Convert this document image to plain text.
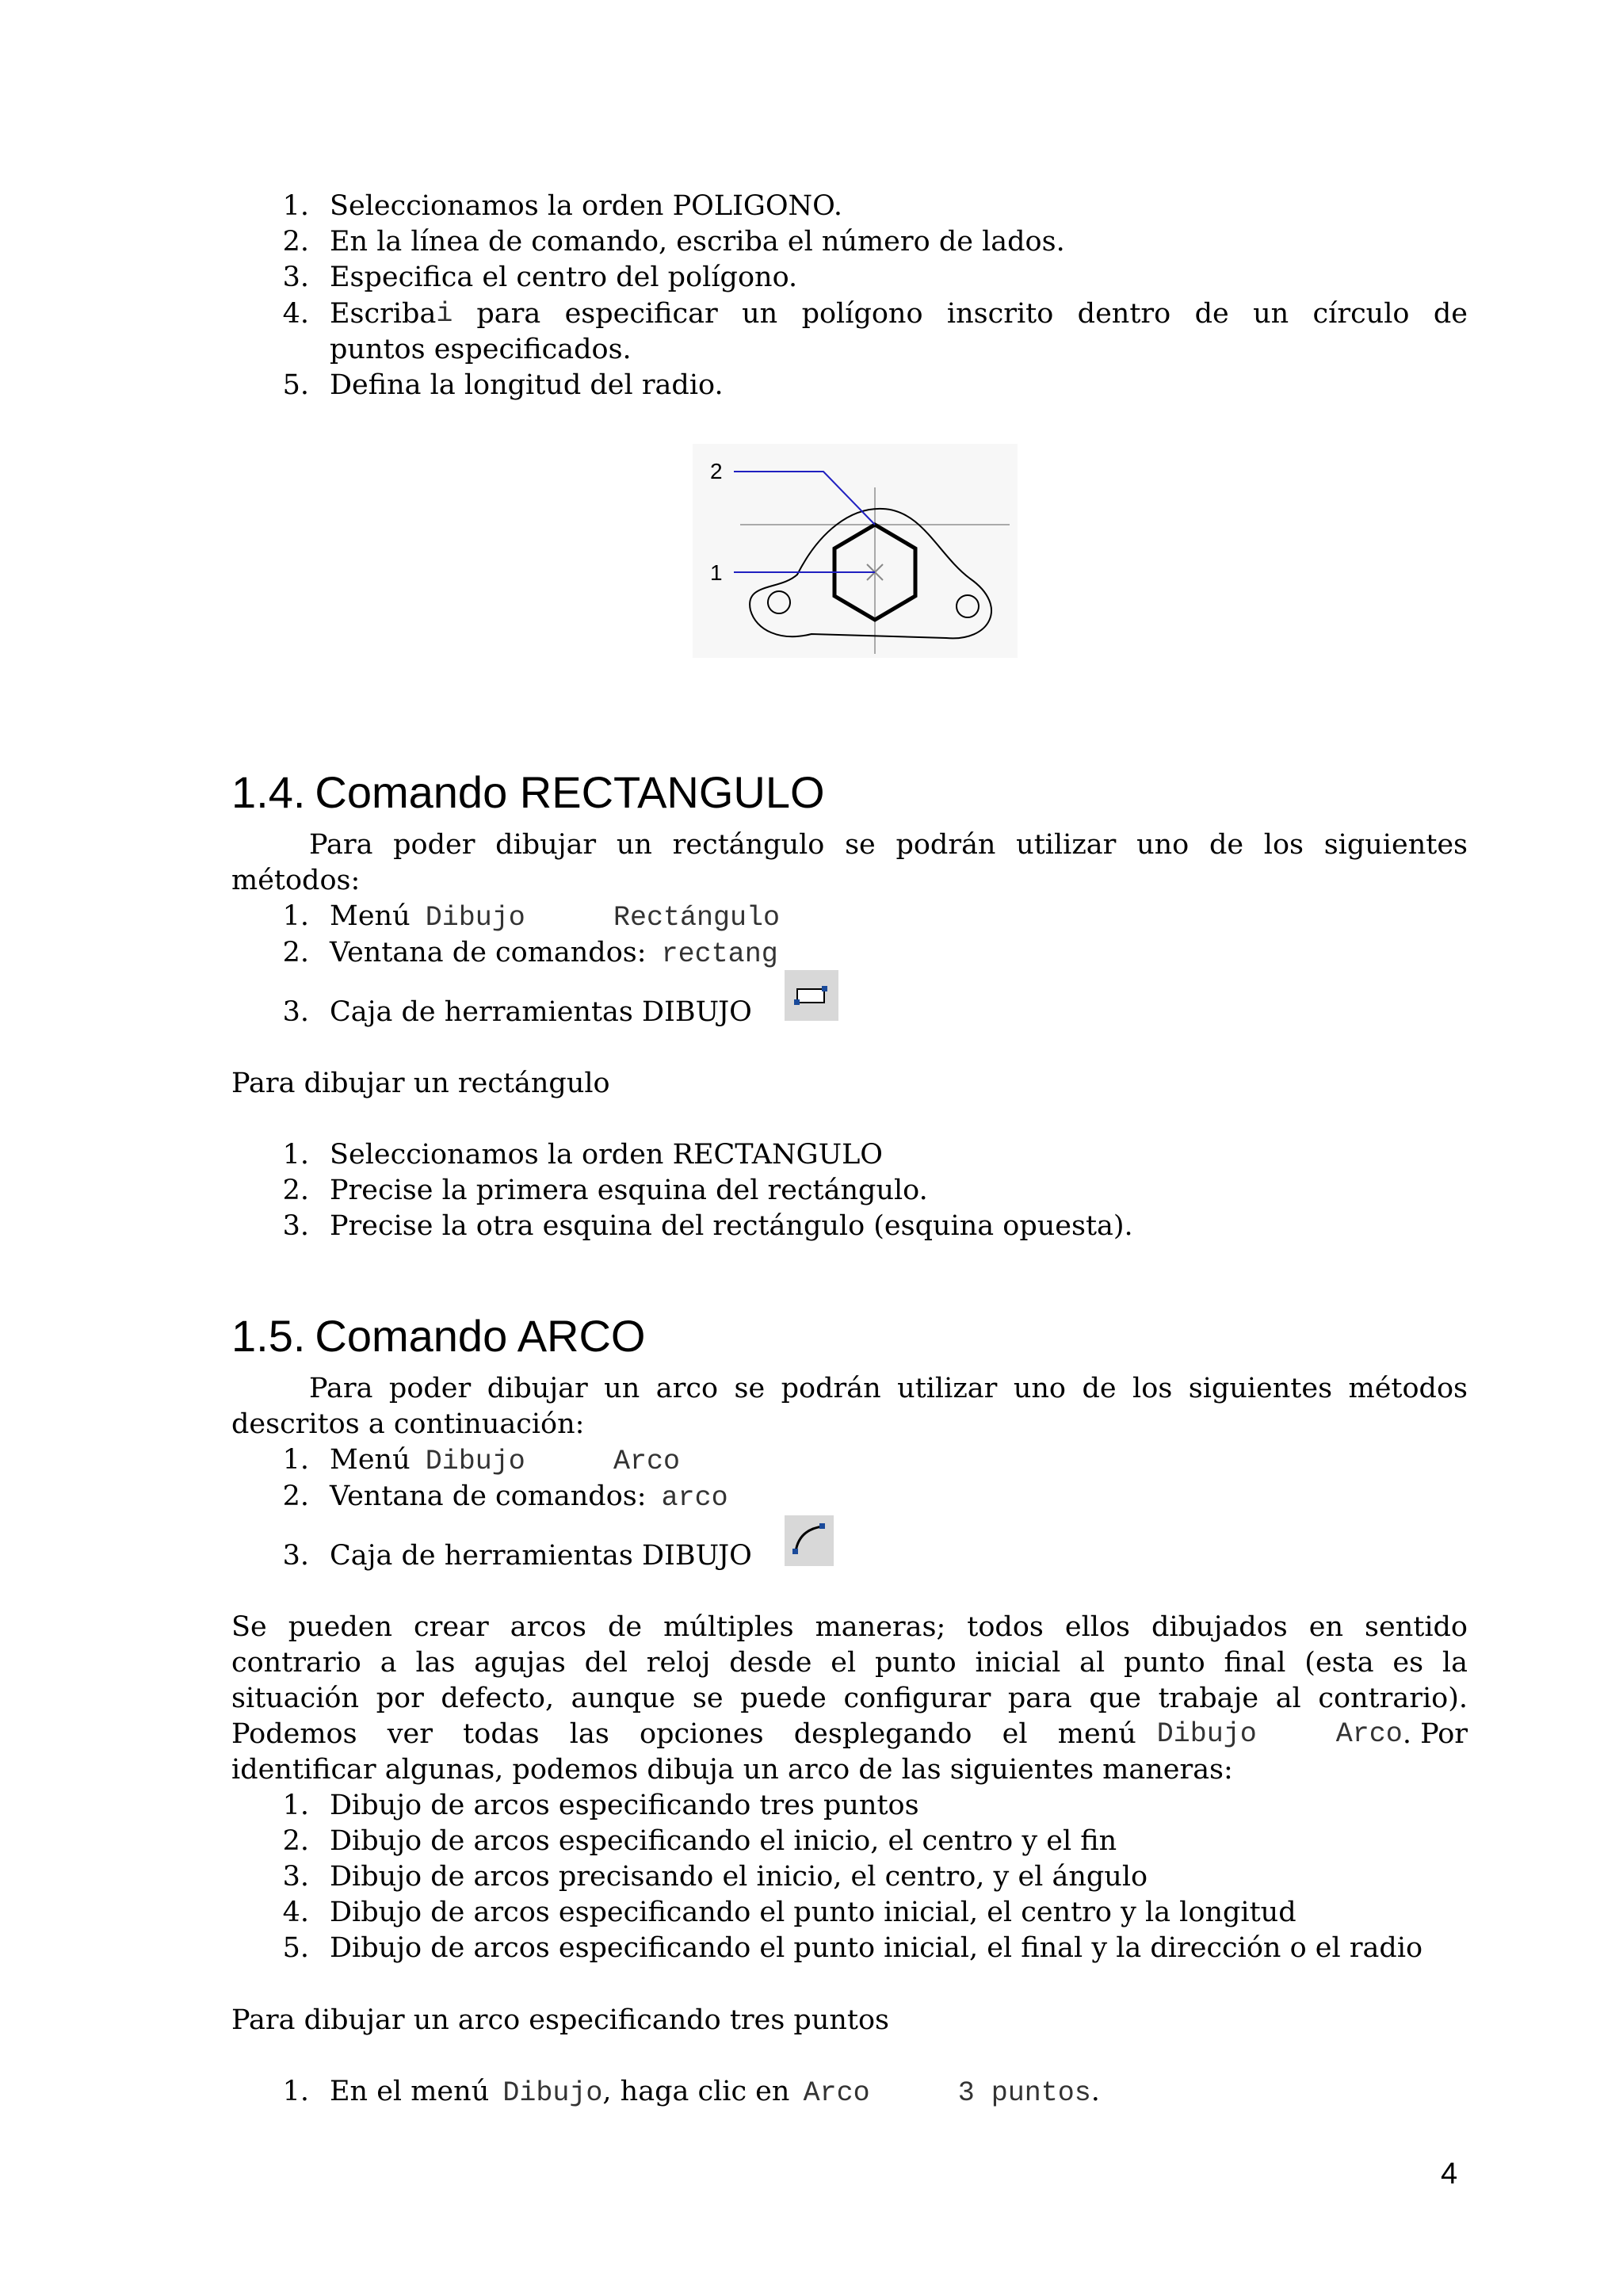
1. Seleccionamos la orden POLIGONO.
2. En la línea de comando, escriba el número de lados.
3. Especifica el centro del polígono.
4. Escriba i para especificar un polígono inscrito dentro de un círculo de
puntos especificados.
5. Defina la longitud del radio.
2
1
1.4. Comando RECTANGULO
Para poder dibujar un rectángulo se podrán utilizar uno de los siguientes
métodos:
1. Menú Dibujo	Rectángulo
2. Ventana de comandos: rectang
3. Caja de herramientas DIBUJO
Para dibujar un rectángulo
1. Seleccionamos la orden RECTANGULO
2. Precise la primera esquina del rectángulo.
3. Precise la otra esquina del rectángulo (esquina opuesta).
1.5. Comando ARCO
Para poder dibujar un arco se podrán utilizar uno de los siguientes métodos
descritos a continuación:
1. Menú Dibujo	Arco
2. Ventana de comandos: arco
3. Caja de herramientas DIBUJO
Se pueden crear arcos de múltiples maneras; todos ellos dibujados en sentido
contrario a las agujas del reloj desde el punto inicial al punto final (esta es la
situación por defecto, aunque se puede configurar para que trabaje al contrario).
Podemos ver todas las opciones desplegando el menú Dibujo	Arco . Por
identificar algunas, podemos dibuja un arco de las siguientes maneras:
1. Dibujo de arcos especificando tres puntos
2. Dibujo de arcos especificando el inicio, el centro y el fin
3. Dibujo de arcos precisando el inicio, el centro, y el ángulo
4. Dibujo de arcos especificando el punto inicial, el centro y la longitud
5. Dibujo de arcos especificando el punto inicial, el final y la dirección o el radio
Para dibujar un arco especificando tres puntos
1. En el menú Dibujo, haga clic en Arco	3 puntos.
4
